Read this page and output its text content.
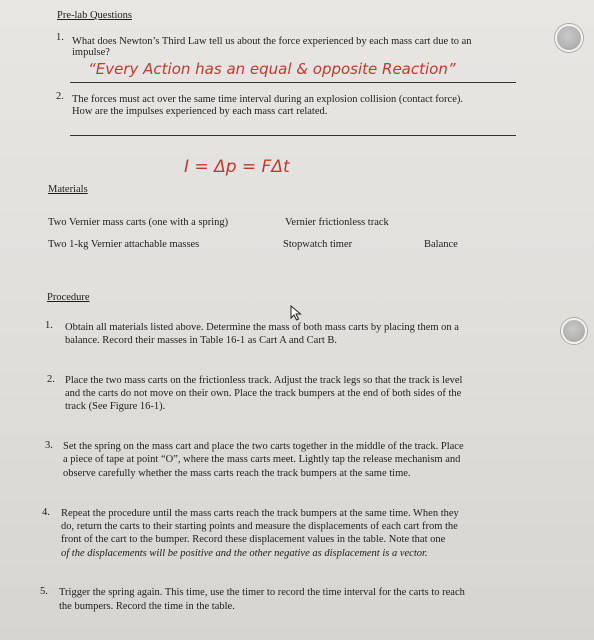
Pre-lab Questions
1. What does Newton’s Third Law tell us about the force experienced by each mass cart due to an
impulse?
“Every Action has an equal & opposite Reaction”
2. The forces must act over the same time interval during an explosion collision (contact force).
How are the impulses experienced by each mass cart related.
I = Δp = FΔt
Materials
Two Vernier mass carts (one with a spring)	Vernier frictionless track
Two 1-kg Vernier attachable masses	Stopwatch timer	Balance
Procedure
1. Obtain all materials listed above. Determine the mass of both mass carts by placing them on a
balance. Record their masses in Table 16-1 as Cart A and Cart B.
2. Place the two mass carts on the frictionless track. Adjust the track legs so that the track is level
and the carts do not move on their own. Place the track bumpers at the end of both sides of the
track (See Figure 16-1).
3. Set the spring on the mass cart and place the two carts together in the middle of the track. Place
a piece of tape at point “O”, where the mass carts meet. Lightly tap the release mechanism and
observe carefully whether the mass carts reach the track bumpers at the same time.
4. Repeat the procedure until the mass carts reach the track bumpers at the same time. When they
do, return the carts to their starting points and measure the displacements of each cart from the
front of the cart to the bumper. Record these displacement values in the table. Note that one
of the displacements will be positive and the other negative as displacement is a vector.
5. Trigger the spring again. This time, use the timer to record the time interval for the carts to reach
the bumpers. Record the time in the table.
